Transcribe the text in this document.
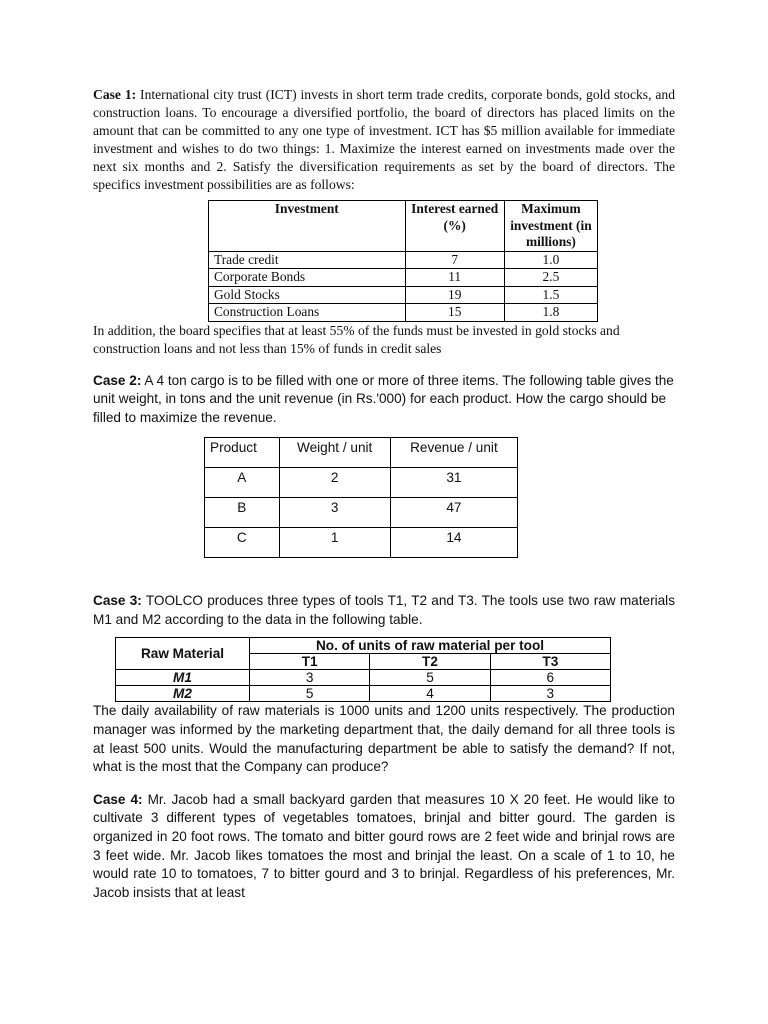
Case 1: International city trust (ICT) invests in short term trade credits, corporate bonds, gold stocks, and construction loans. To encourage a diversified portfolio, the board of directors has placed limits on the amount that can be committed to any one type of investment. ICT has $5 million available for immediate investment and wishes to do two things: 1. Maximize the interest earned on investments made over the next six months and 2. Satisfy the diversification requirements as set by the board of directors. The specifics investment possibilities are as follows:

Investment	Interest earned (%)	Maximum investment (in millions)
Trade credit	7	1.0
Corporate Bonds	11	2.5
Gold Stocks	19	1.5
Construction Loans	15	1.8

In addition, the board specifies that at least 55% of the funds must be invested in gold stocks and construction loans and not less than 15% of funds in credit sales

Case 2: A 4 ton cargo is to be filled with one or more of three items. The following table gives the unit weight, in tons and the unit revenue (in Rs.'000) for each product. How the cargo should be filled to maximize the revenue.

Product	Weight / unit	Revenue / unit
A	2	31
B	3	47
C	1	14

Case 3: TOOLCO produces three types of tools T1, T2 and T3. The tools use two raw materials M1 and M2 according to the data in the following table.

Raw Material	No. of units of raw material per tool		
	T1	T2	T3
M1	3	5	6
M2	5	4	3

The daily availability of raw materials is 1000 units and 1200 units respectively. The production manager was informed by the marketing department that, the daily demand for all three tools is at least 500 units. Would the manufacturing department be able to satisfy the demand? If not, what is the most that the Company can produce?

Case 4: Mr. Jacob had a small backyard garden that measures 10 X 20 feet. He would like to cultivate 3 different types of vegetables tomatoes, brinjal and bitter gourd. The garden is organized in 20 foot rows. The tomato and bitter gourd rows are 2 feet wide and brinjal rows are 3 feet wide. Mr. Jacob likes tomatoes the most and brinjal the least. On a scale of 1 to 10, he would rate 10 to tomatoes, 7 to bitter gourd and 3 to brinjal. Regardless of his preferences, Mr. Jacob insists that at least
